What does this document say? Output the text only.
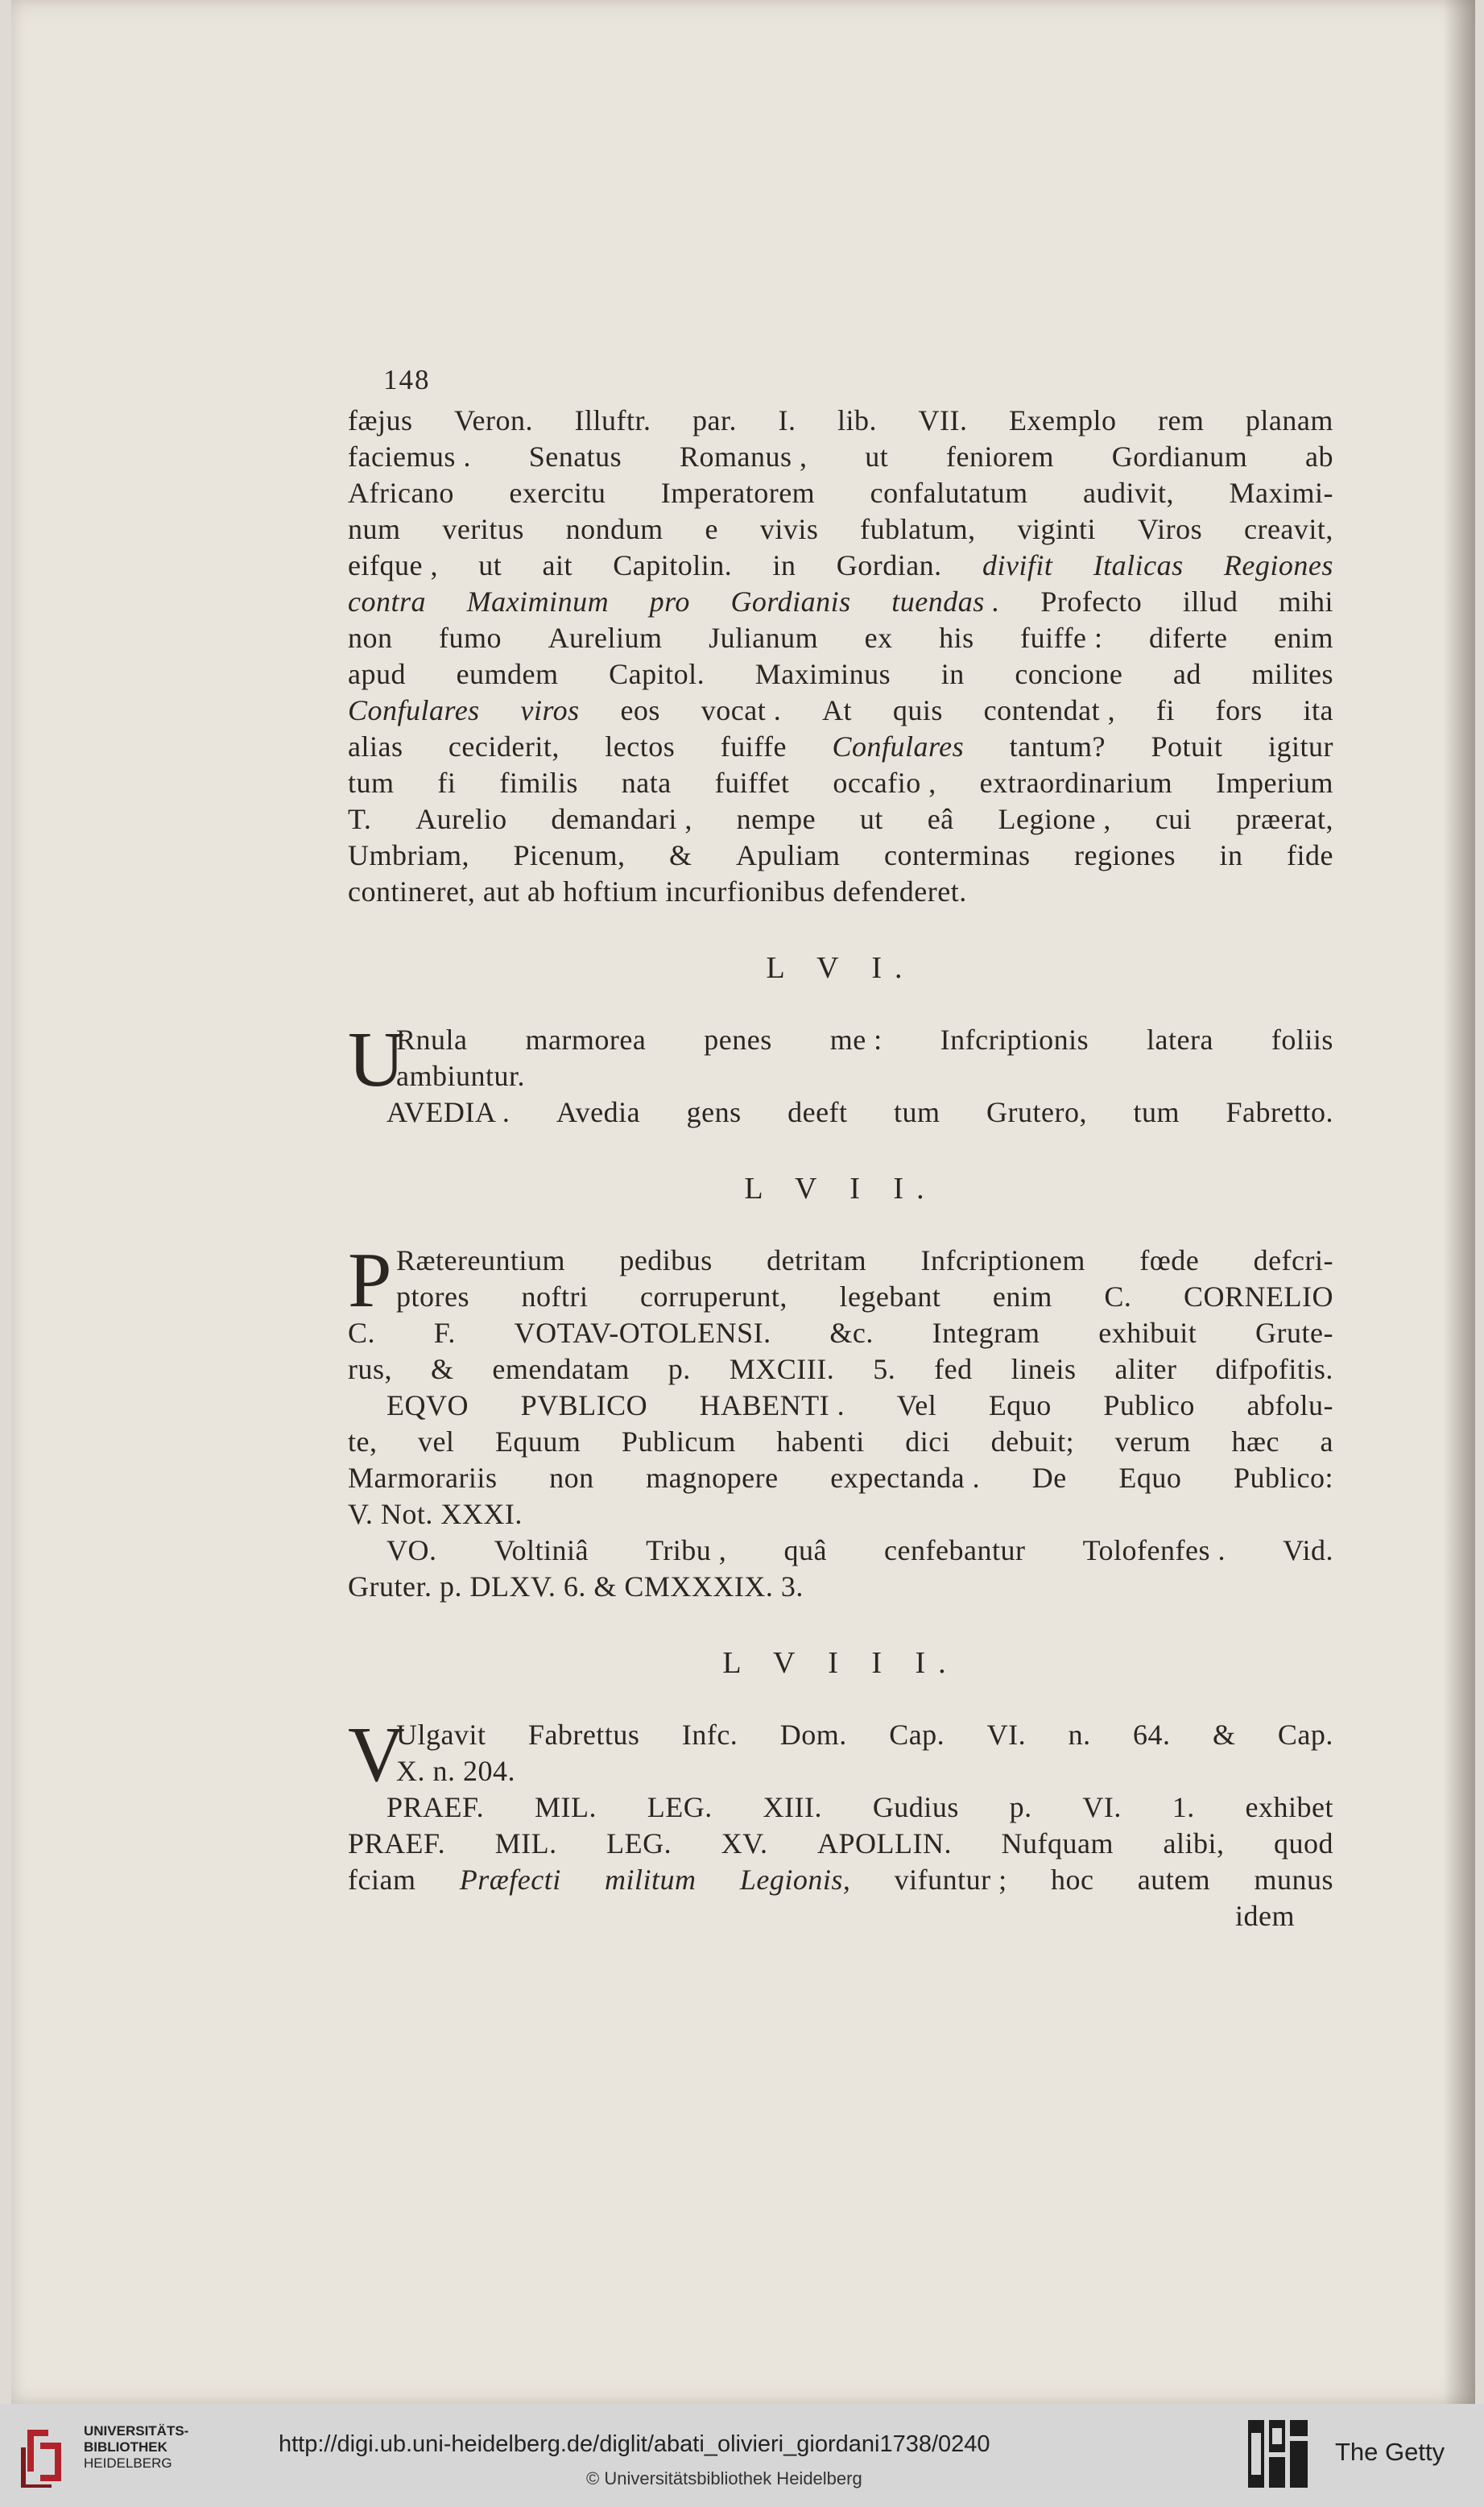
148
fæjus Veron. Illuftr. par. I. lib. VII. Exemplo rem planam
faciemus . Senatus Romanus , ut feniorem Gordianum ab
Africano exercitu Imperatorem confalutatum audivit, Maximi-
num veritus nondum e vivis fublatum, viginti Viros creavit,
eifque , ut ait Capitolin. in Gordian. divifit Italicas Regiones
contra Maximinum pro Gordianis tuendas . Profecto illud mihi
non fumo Aurelium Julianum ex his fuiffe : diferte enim
apud eumdem Capitol. Maximinus in concione ad milites
Confulares viros eos vocat . At quis contendat , fi fors ita
alias ceciderit, lectos fuiffe Confulares tantum? Potuit igitur
tum fi fimilis nata fuiffet occafio , extraordinarium Imperium
T. Aurelio demandari , nempe ut eâ Legione , cui præerat,
Umbriam, Picenum, & Apuliam conterminas regiones in fide
contineret, aut ab hoftium incurfionibus defenderet.
L V I.
U
Rnula marmorea penes me : Infcriptionis latera foliis
ambiuntur.
AVEDIA . Avedia gens deeft tum Grutero, tum Fabretto.
L V I I.
P Rætereuntium pedibus detritam Infcriptionem fœde defcri-
ptores noftri corruperunt, legebant enim C. CORNELIO
C. F. VOTAV-OTOLENSI. &c. Integram exhibuit Grute-
rus, & emendatam p. MXCIII. 5. fed lineis aliter difpofitis.
EQVO PVBLICO HABENTI . Vel Equo Publico abfolu-
te, vel Equum Publicum habenti dici debuit; verum hæc a
Marmorariis non magnopere expectanda . De Equo Publico:
V. Not. XXXI.
VO. Voltiniâ Tribu , quâ cenfebantur Tolofenfes . Vid.
Gruter. p. DLXV. 6. & CMXXXIX. 3.
L V I I I.
V
Ulgavit Fabrettus Infc. Dom. Cap. VI. n. 64. & Cap.
X. n. 204.
PRAEF. MIL. LEG. XIII. Gudius p. VI. 1. exhibet
PRAEF. MIL. LEG. XV. APOLLIN. Nufquam alibi, quod
fciam Præfecti militum Legionis, vifuntur ; hoc autem munus
idem
UNIVERSITÄTS-
BIBLIOTHEK
HEIDELBERG
http://digi.ub.uni-heidelberg.de/diglit/abati_olivieri_giordani1738/0240
© Universitätsbibliothek Heidelberg
The Getty
